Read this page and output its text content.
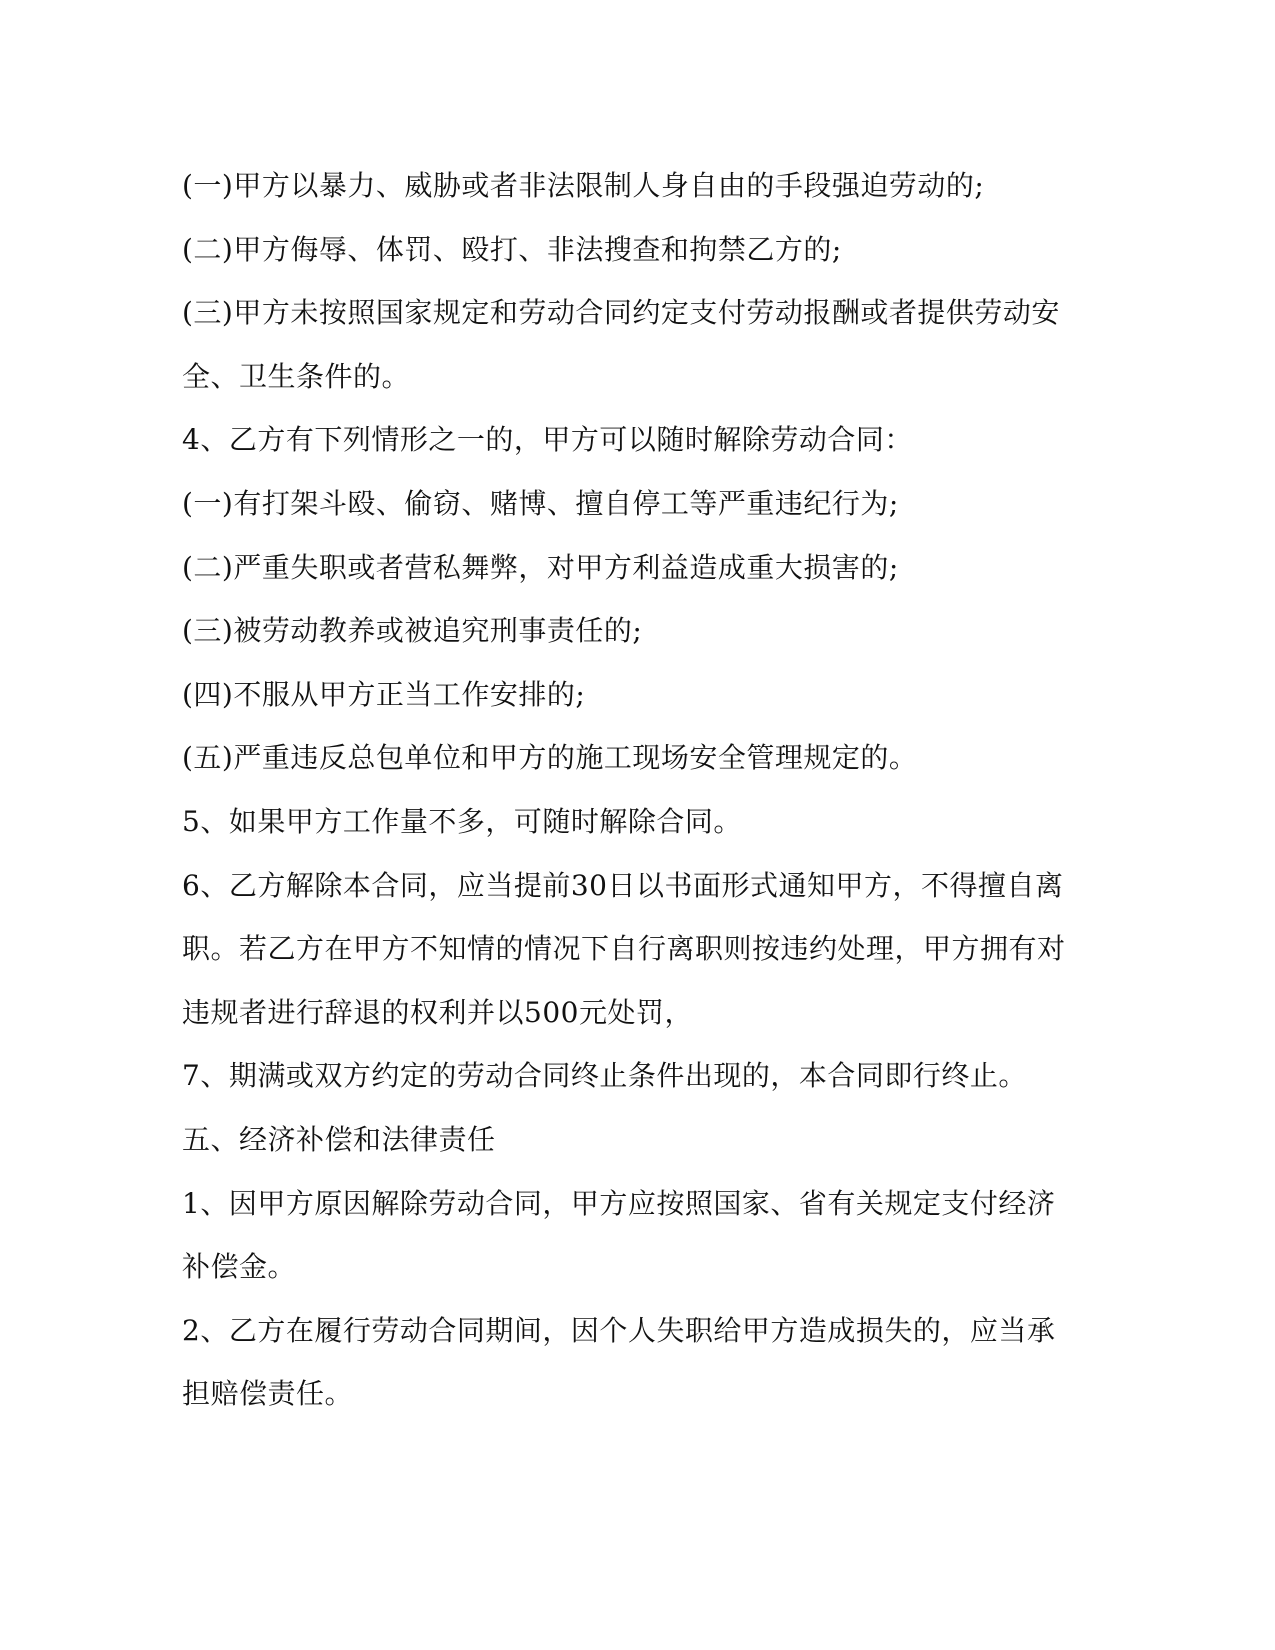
(一)甲方以暴力、威胁或者非法限制人身自由的手段强迫劳动的;
(二)甲方侮辱、体罚、殴打、非法搜查和拘禁乙方的;
(三)甲方未按照国家规定和劳动合同约定支付劳动报酬或者提供劳动安
全、卫生条件的。
4、乙方有下列情形之一的，甲方可以随时解除劳动合同：
(一)有打架斗殴、偷窃、赌博、擅自停工等严重违纪行为;
(二)严重失职或者营私舞弊，对甲方利益造成重大损害的;
(三)被劳动教养或被追究刑事责任的;
(四)不服从甲方正当工作安排的;
(五)严重违反总包单位和甲方的施工现场安全管理规定的。
5、如果甲方工作量不多，可随时解除合同。
6、乙方解除本合同，应当提前30日以书面形式通知甲方，不得擅自离
职。若乙方在甲方不知情的情况下自行离职则按违约处理，甲方拥有对
违规者进行辞退的权利并以500元处罚，
7、期满或双方约定的劳动合同终止条件出现的，本合同即行终止。
五、经济补偿和法律责任
1、因甲方原因解除劳动合同，甲方应按照国家、省有关规定支付经济
补偿金。
2、乙方在履行劳动合同期间，因个人失职给甲方造成损失的，应当承
担赔偿责任。
